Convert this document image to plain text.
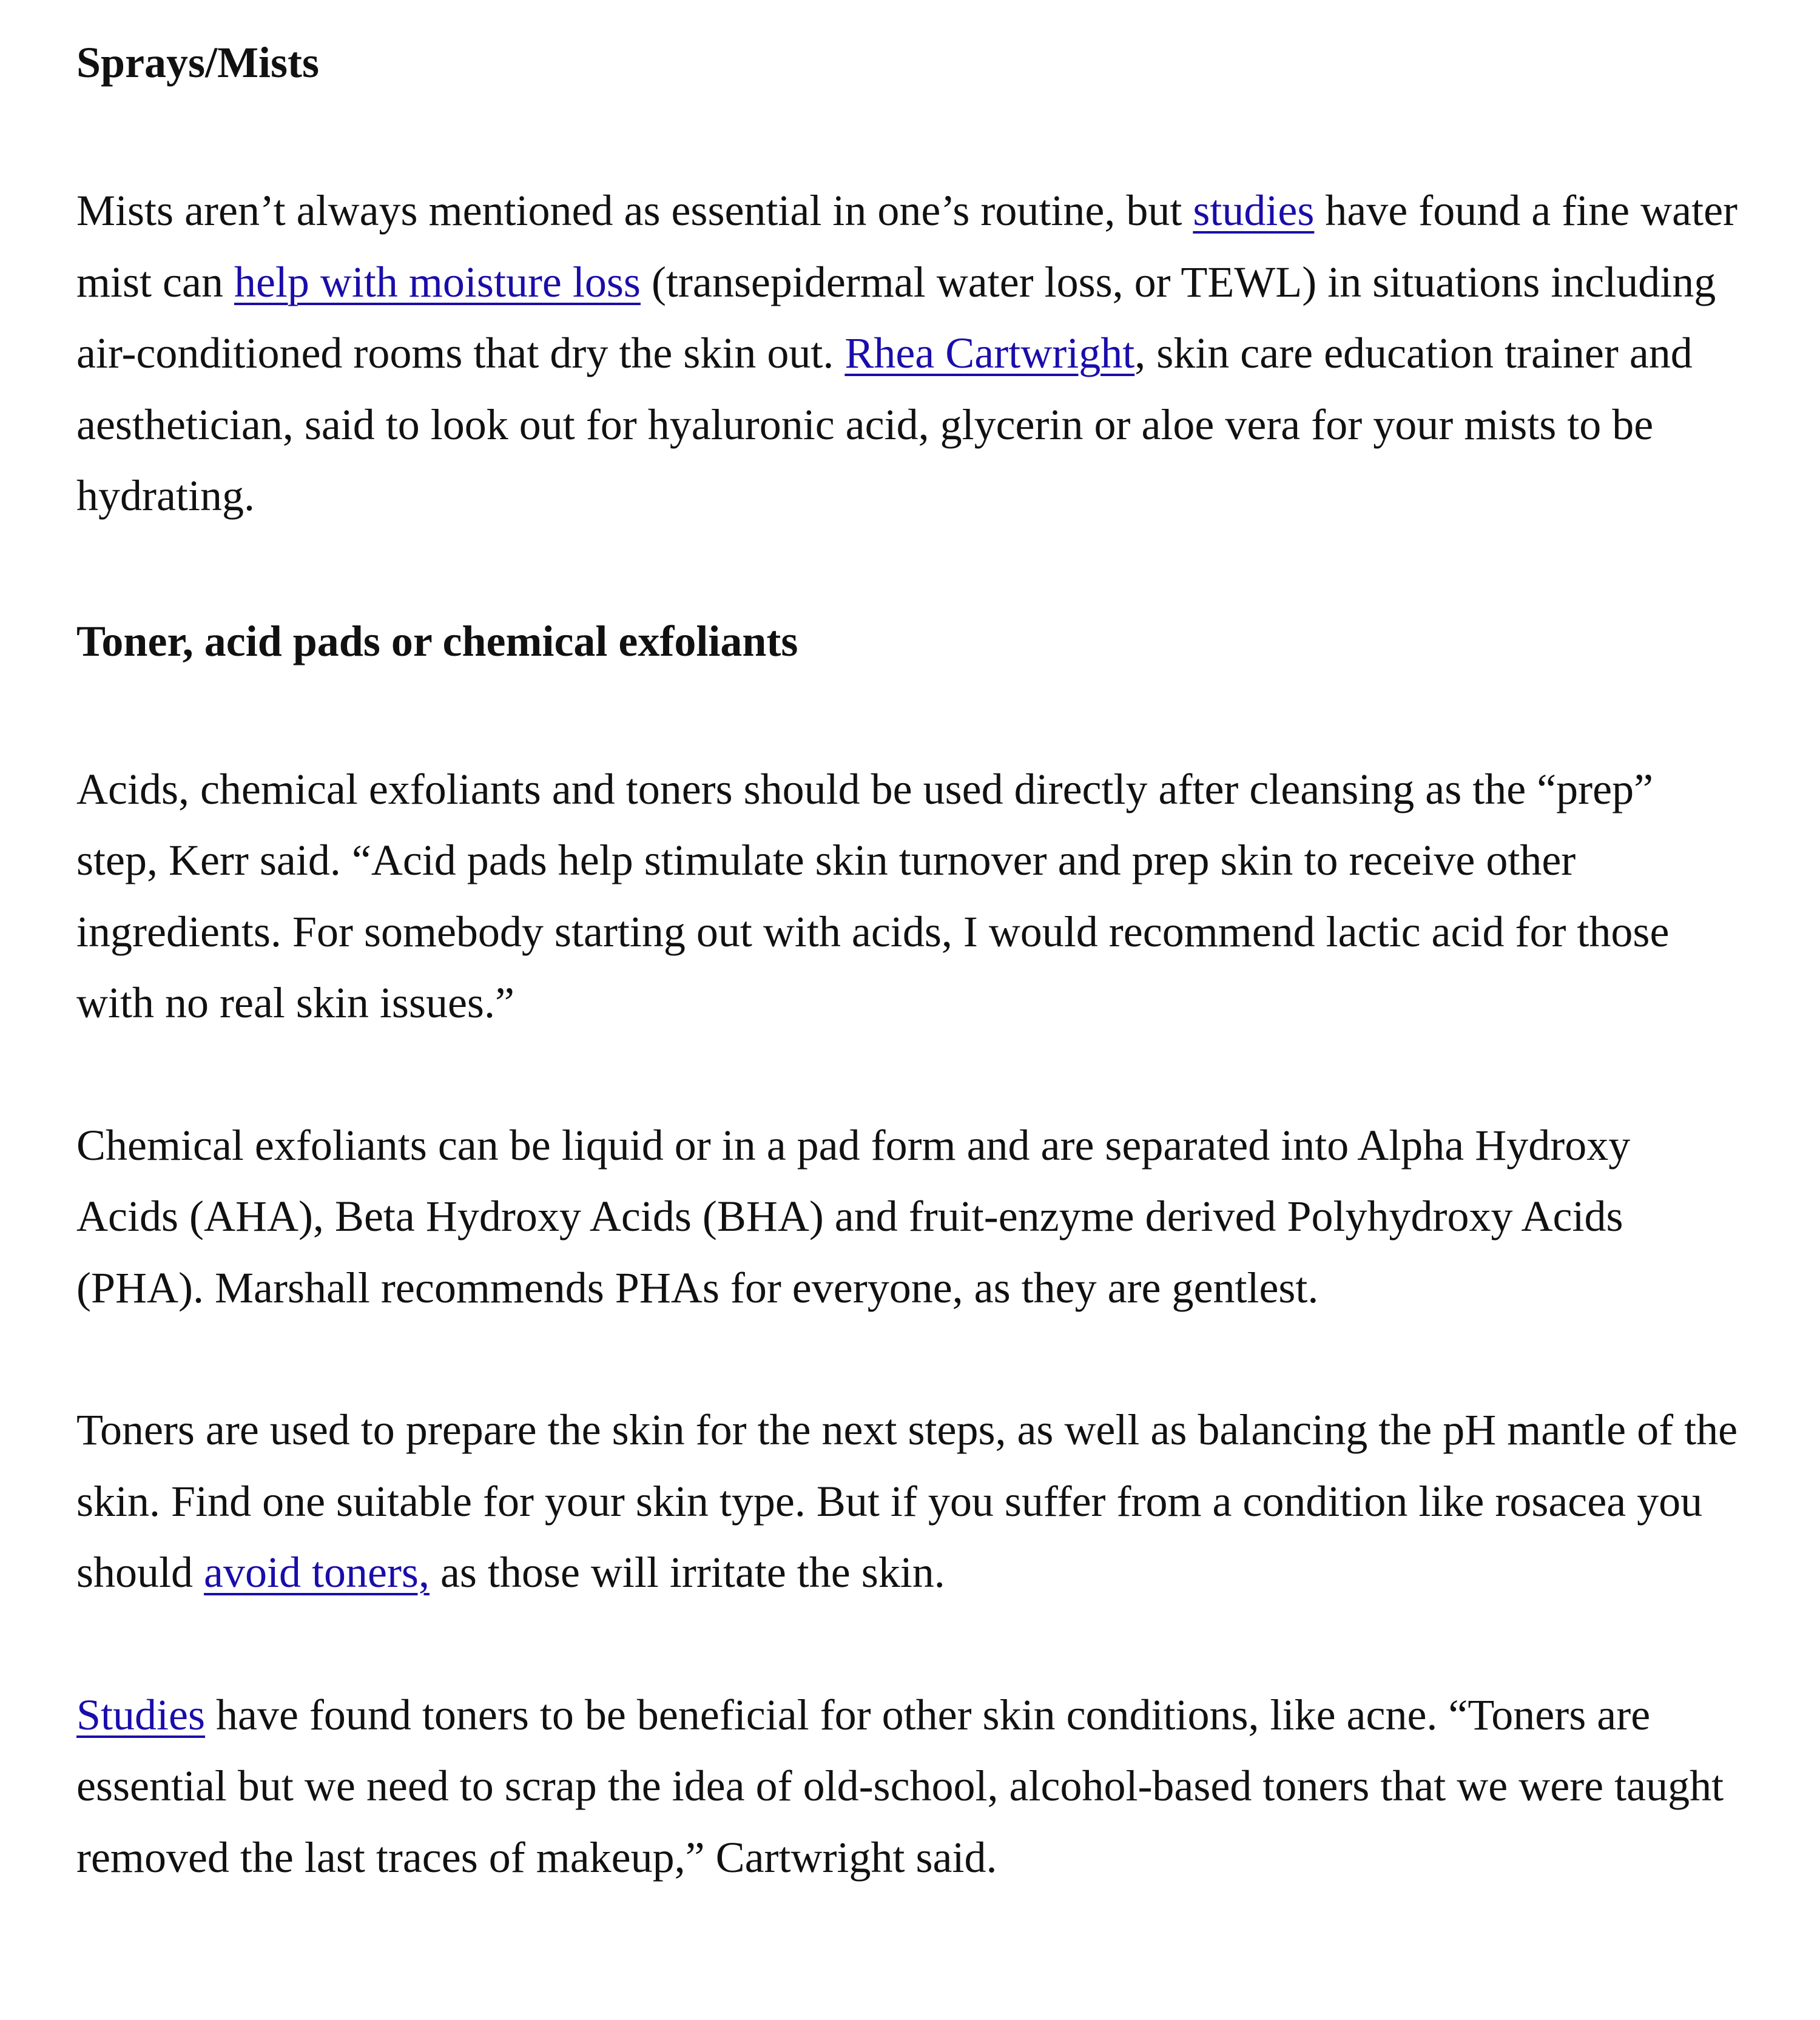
Sprays/Mists

Mists aren’t always mentioned as essential in one’s routine, but studies have found a fine water mist can help with moisture loss (transepidermal water loss, or TEWL) in situations including air-conditioned rooms that dry the skin out. Rhea Cartwright, skin care education trainer and aesthetician, said to look out for hyaluronic acid, glycerin or aloe vera for your mists to be hydrating.

Toner, acid pads or chemical exfoliants

Acids, chemical exfoliants and toners should be used directly after cleansing as the “prep” step, Kerr said. “Acid pads help stimulate skin turnover and prep skin to receive other ingredients. For somebody starting out with acids, I would recommend lactic acid for those with no real skin issues.”

Chemical exfoliants can be liquid or in a pad form and are separated into Alpha Hydroxy Acids (AHA), Beta Hydroxy Acids (BHA) and fruit-enzyme derived Polyhydroxy Acids (PHA). Marshall recommends PHAs for everyone, as they are gentlest.

Toners are used to prepare the skin for the next steps, as well as balancing the pH mantle of the skin. Find one suitable for your skin type. But if you suffer from a condition like rosacea you should avoid toners, as those will irritate the skin.

Studies have found toners to be beneficial for other skin conditions, like acne. “Toners are essential but we need to scrap the idea of old-school, alcohol-based toners that we were taught removed the last traces of makeup,” Cartwright said.
